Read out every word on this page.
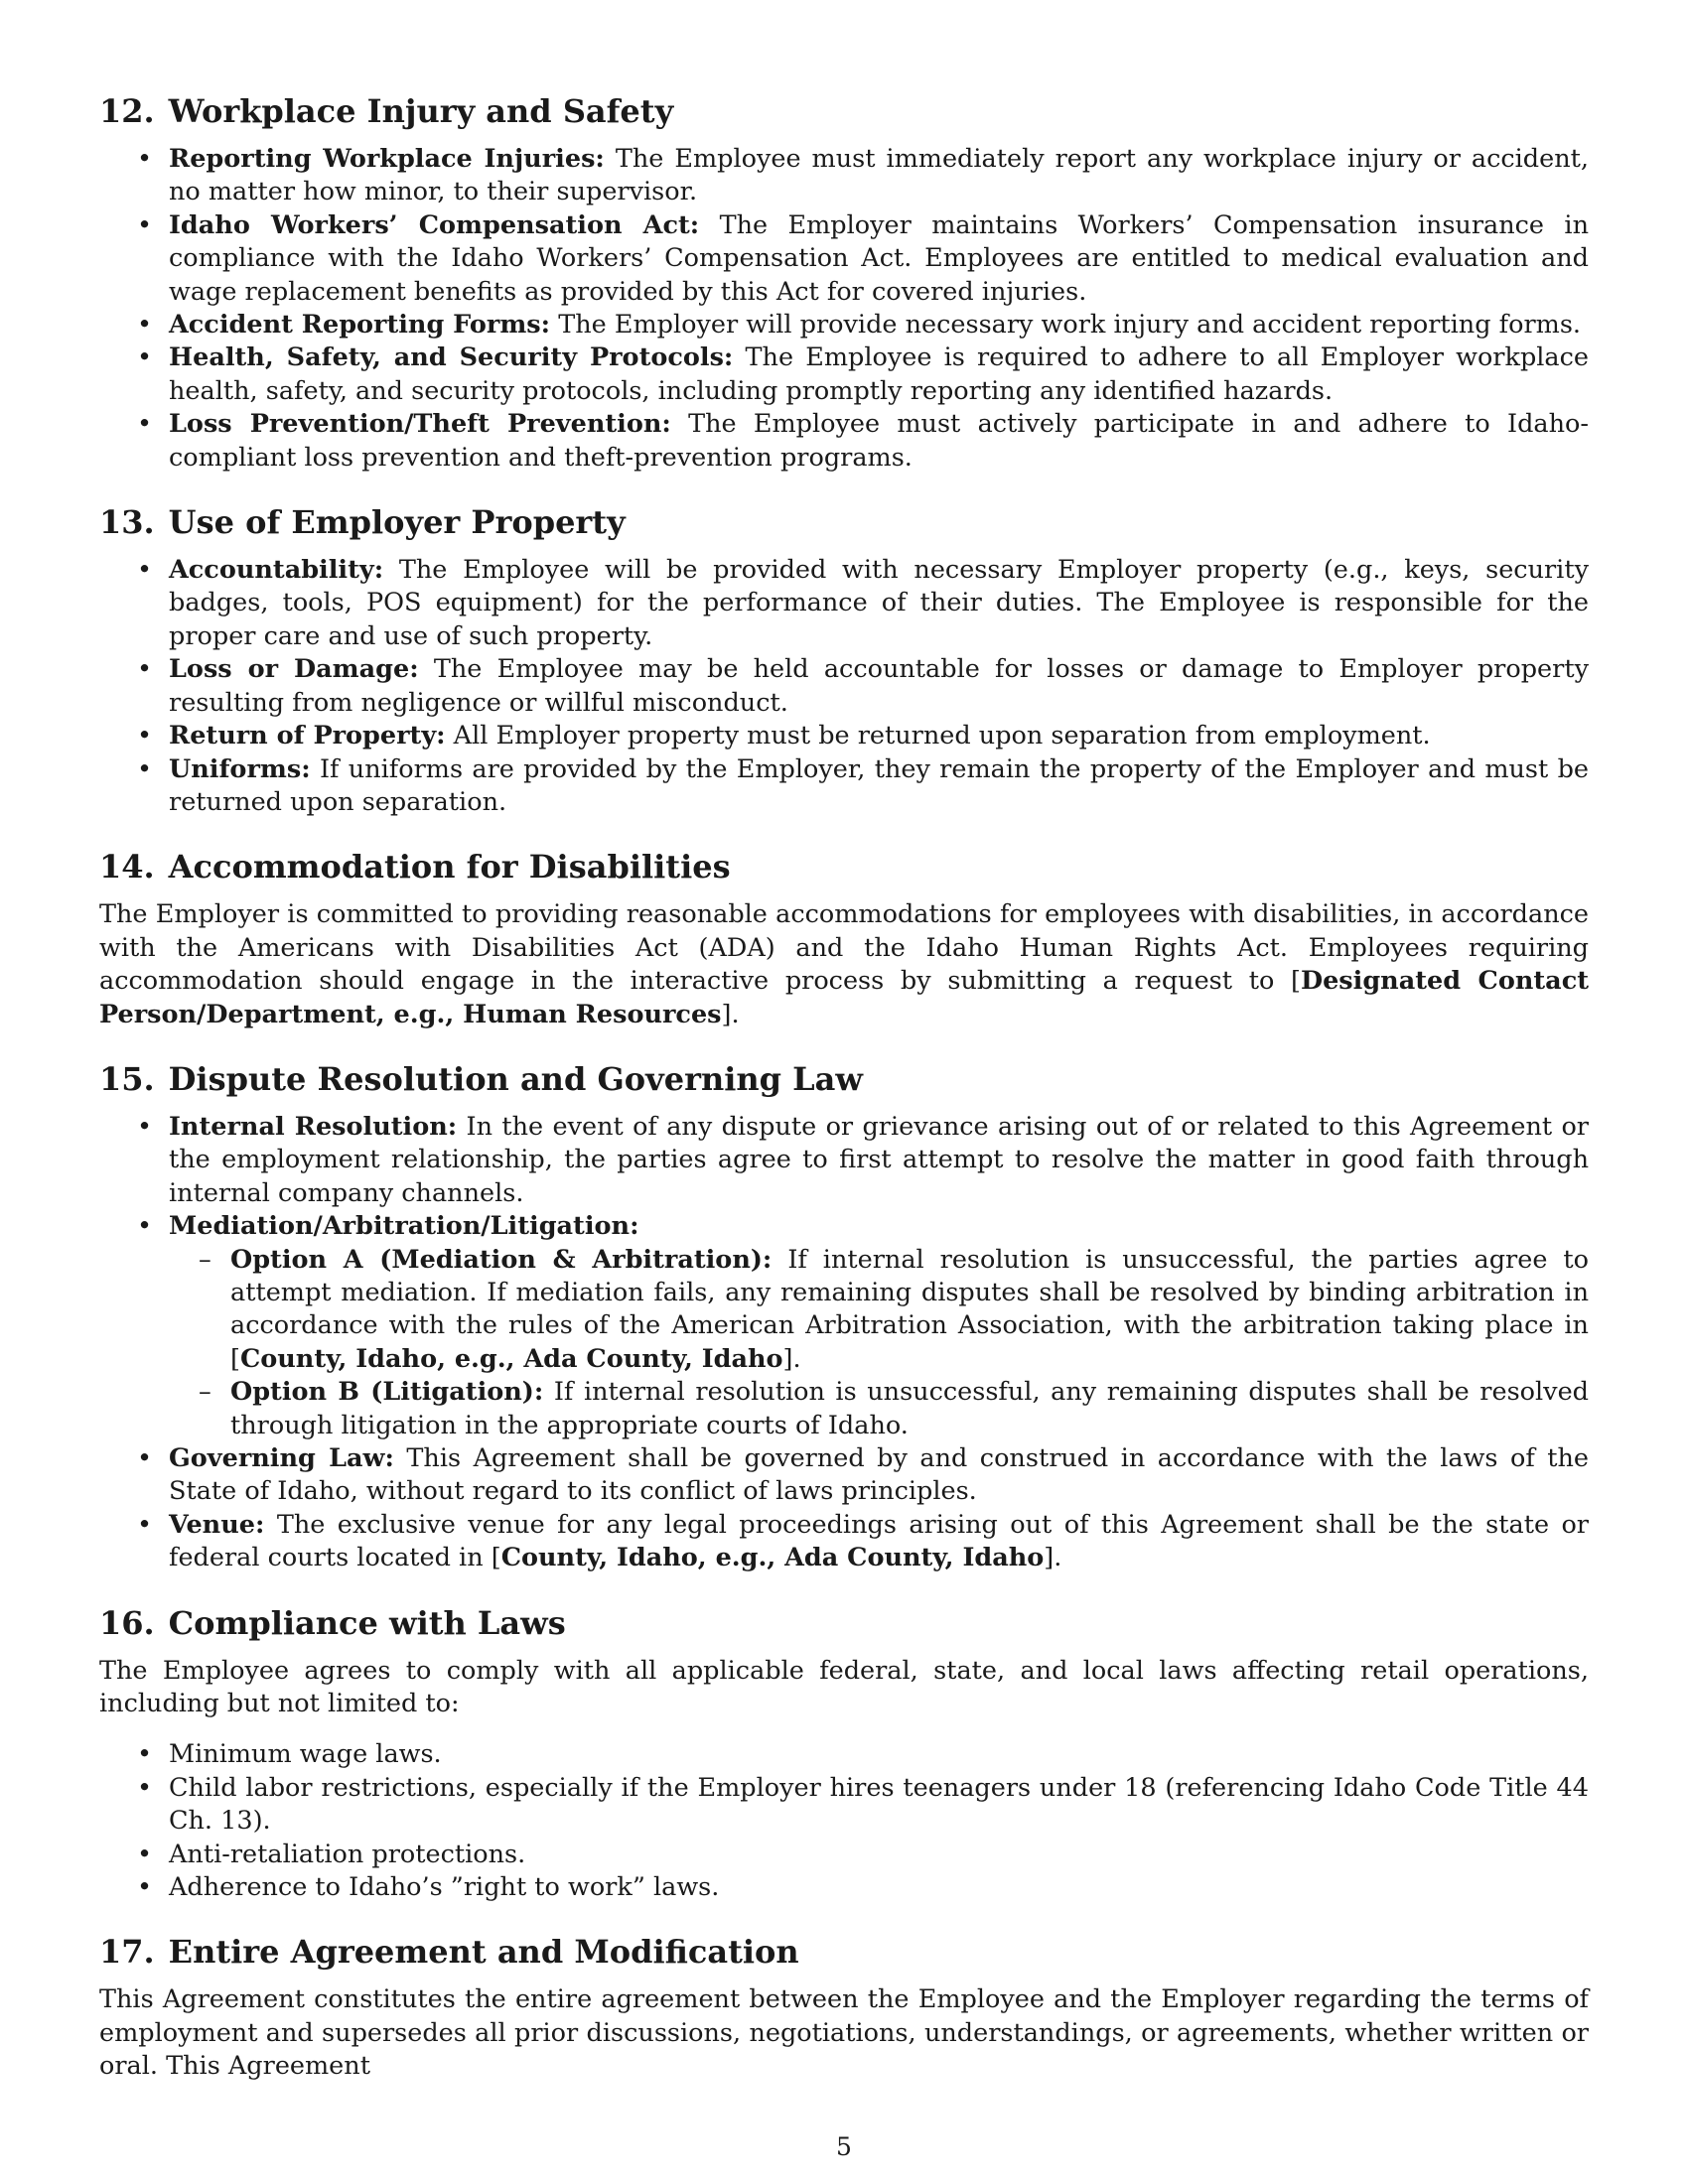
12. Workplace Injury and Safety
• Reporting Workplace Injuries: The Employee must immediately report any workplace injury or accident, no matter how minor, to their supervisor.
• Idaho Workers’ Compensation Act: The Employer maintains Workers’ Compensation insurance in compliance with the Idaho Workers’ Compensation Act. Employees are entitled to medical evaluation and wage replacement benefits as provided by this Act for covered injuries.
• Accident Reporting Forms: The Employer will provide necessary work injury and accident reporting forms.
• Health, Safety, and Security Protocols: The Employee is required to adhere to all Employer workplace health, safety, and security protocols, including promptly reporting any identified hazards.
• Loss Prevention/Theft Prevention: The Employee must actively participate in and adhere to Idaho-compliant loss prevention and theft-prevention programs.
13. Use of Employer Property
• Accountability: The Employee will be provided with necessary Employer property (e.g., keys, security badges, tools, POS equipment) for the performance of their duties. The Employee is responsible for the proper care and use of such property.
• Loss or Damage: The Employee may be held accountable for losses or damage to Employer property resulting from negligence or willful misconduct.
• Return of Property: All Employer property must be returned upon separation from employment.
• Uniforms: If uniforms are provided by the Employer, they remain the property of the Employer and must be returned upon separation.
14. Accommodation for Disabilities

The Employer is committed to providing reasonable accommodations for employees with disabilities, in accordance with the Americans with Disabilities Act (ADA) and the Idaho Human Rights Act. Employees requiring accommodation should engage in the interactive process by submitting a request to [Designated Contact Person/Department, e.g., Human Resources].

15. Dispute Resolution and Governing Law
• Internal Resolution: In the event of any dispute or grievance arising out of or related to this Agreement or the employment relationship, the parties agree to first attempt to resolve the matter in good faith through internal company channels.
• Mediation/Arbitration/Litigation:
– Option A (Mediation & Arbitration): If internal resolution is unsuccessful, the parties agree to attempt mediation. If mediation fails, any remaining disputes shall be resolved by binding arbitration in accordance with the rules of the American Arbitration Association, with the arbitration taking place in [County, Idaho, e.g., Ada County, Idaho].
– Option B (Litigation): If internal resolution is unsuccessful, any remaining disputes shall be resolved through litigation in the appropriate courts of Idaho.
• Governing Law: This Agreement shall be governed by and construed in accordance with the laws of the State of Idaho, without regard to its conflict of laws principles.
• Venue: The exclusive venue for any legal proceedings arising out of this Agreement shall be the state or federal courts located in [County, Idaho, e.g., Ada County, Idaho].
16. Compliance with Laws

The Employee agrees to comply with all applicable federal, state, and local laws affecting retail operations, including but not limited to:

• Minimum wage laws.
• Child labor restrictions, especially if the Employer hires teenagers under 18 (referencing Idaho Code Title 44 Ch. 13).
• Anti-retaliation protections.
• Adherence to Idaho’s ”right to work” laws.
17. Entire Agreement and Modification

This Agreement constitutes the entire agreement between the Employee and the Employer regarding the terms of employment and supersedes all prior discussions, negotiations, understandings, or agreements, whether written or oral. This Agreement

5
